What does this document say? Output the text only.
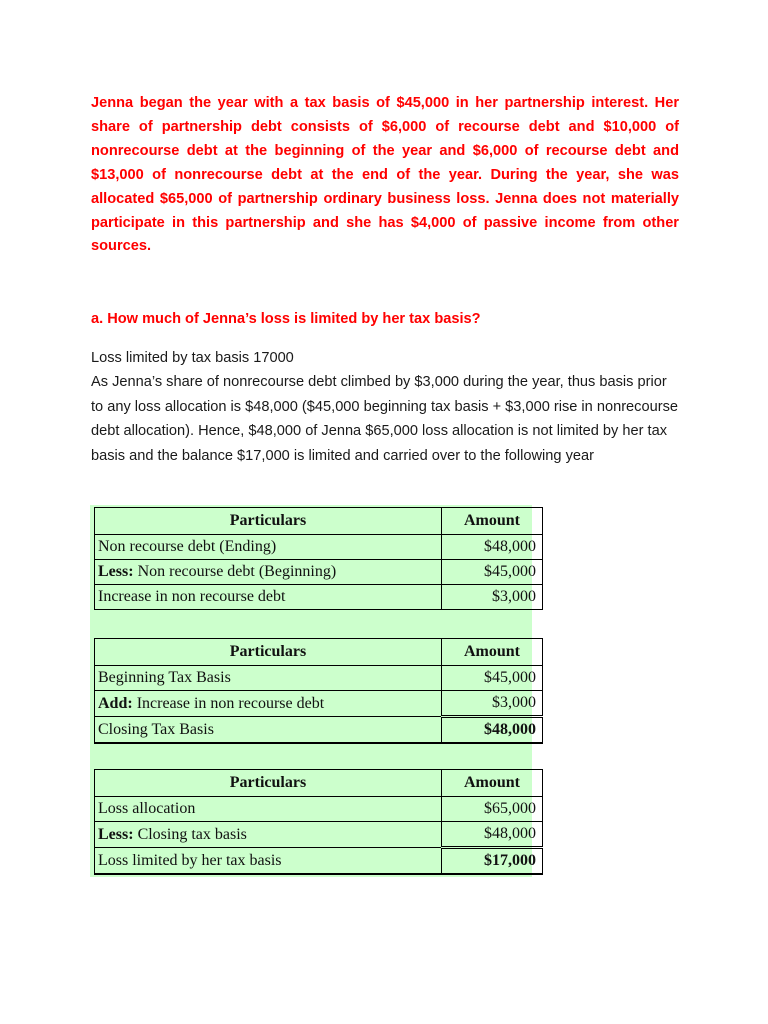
Jenna began the year with a tax basis of $45,000 in her partnership interest. Her share of partnership debt consists of $6,000 of recourse debt and $10,000 of nonrecourse debt at the beginning of the year and $6,000 of recourse debt and $13,000 of nonrecourse debt at the end of the year. During the year, she was allocated $65,000 of partnership ordinary business loss. Jenna does not materially participate in this partnership and she has $4,000 of passive income from other sources.

a. How much of Jenna’s loss is limited by her tax basis?

Loss limited by tax basis 17000

As Jenna’s share of nonrecourse debt climbed by $3,000 during the year, thus basis prior to any loss allocation is $48,000 ($45,000 beginning tax basis + $3,000 rise in nonrecourse debt allocation). Hence, $48,000 of Jenna $65,000 loss allocation is not limited by her tax basis and the balance $17,000 is limited and carried over to the following year

Particulars	Amount
Non recourse debt (Ending)	$48,000
Less: Non recourse debt (Beginning)	$45,000
Increase in non recourse debt	$3,000
Particulars	Amount
Beginning Tax Basis	$45,000
Add: Increase in non recourse debt	$3,000
Closing Tax Basis	$48,000
Particulars	Amount
Loss allocation	$65,000
Less: Closing tax basis	$48,000
Loss limited by her tax basis	$17,000
